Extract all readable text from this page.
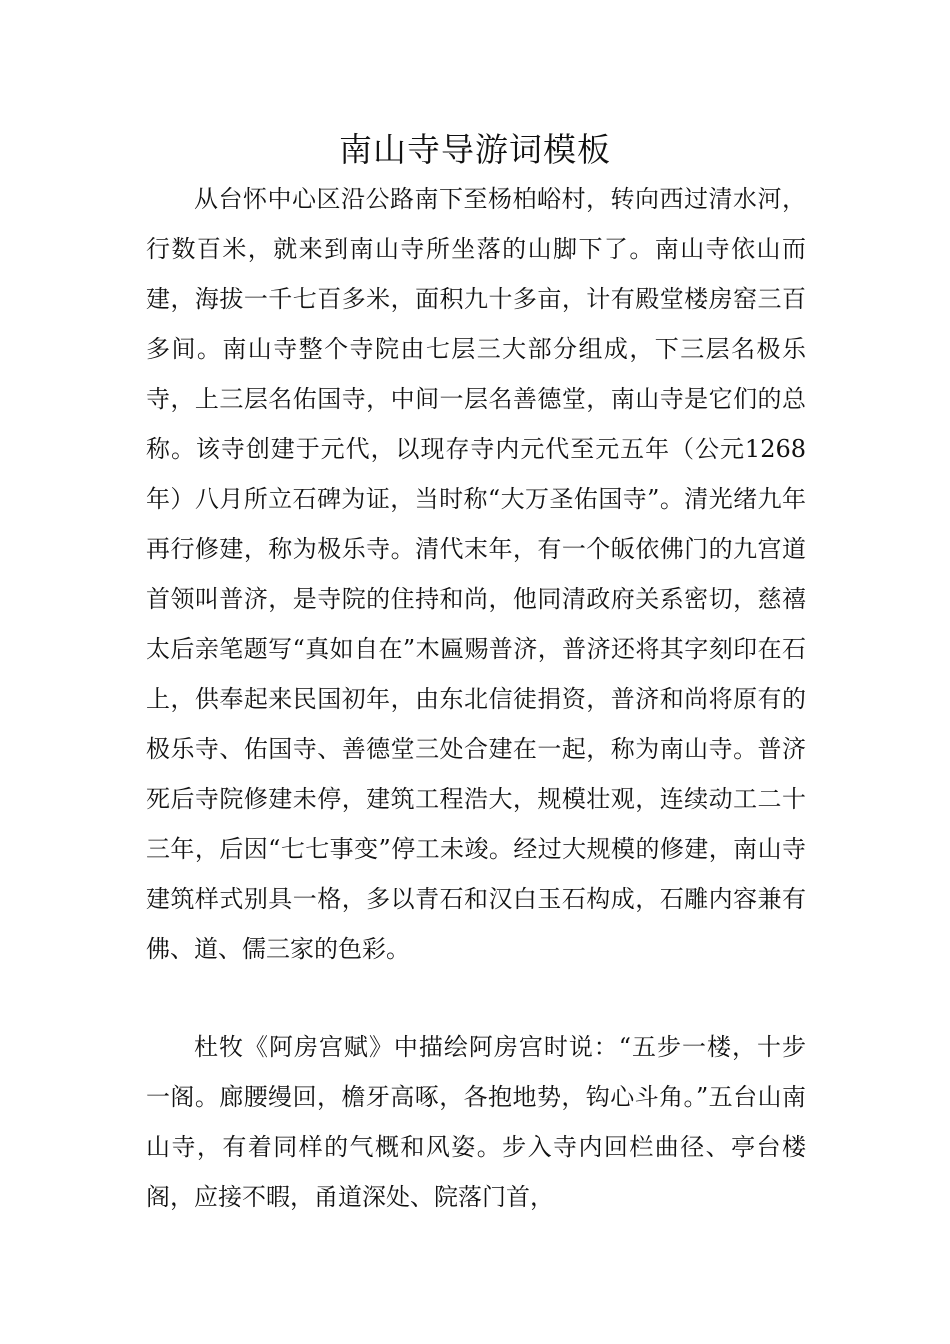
南山寺导游词模板

从台怀中心区沿公路南下至杨柏峪村，转向西过清水河，行数百米，就来到南山寺所坐落的山脚下了。南山寺依山而建，海拔一千七百多米，面积九十多亩，计有殿堂楼房窑三百多间。南山寺整个寺院由七层三大部分组成，下三层名极乐寺，上三层名佑国寺，中间一层名善德堂，南山寺是它们的总称。该寺创建于元代，以现存寺内元代至元五年（公元1268年）八月所立石碑为证，当时称“大万圣佑国寺”。清光绪九年再行修建，称为极乐寺。清代末年，有一个皈依佛门的九宫道首领叫普济，是寺院的住持和尚，他同清政府关系密切，慈禧太后亲笔题写“真如自在”木匾赐普济，普济还将其字刻印在石上，供奉起来民国初年，由东北信徒捐资，普济和尚将原有的极乐寺、佑国寺、善德堂三处合建在一起，称为南山寺。普济死后寺院修建未停，建筑工程浩大，规模壮观，连续动工二十三年，后因“七七事变”停工未竣。经过大规模的修建，南山寺建筑样式别具一格，多以青石和汉白玉石构成，石雕内容兼有佛、道、儒三家的色彩。

杜牧《阿房宫赋》中描绘阿房宫时说：“五步一楼，十步一阁。廊腰缦回，檐牙高啄，各抱地势，钩心斗角。”五台山南山寺，有着同样的气概和风姿。步入寺内回栏曲径、亭台楼阁，应接不暇，甬道深处、院落门首，
